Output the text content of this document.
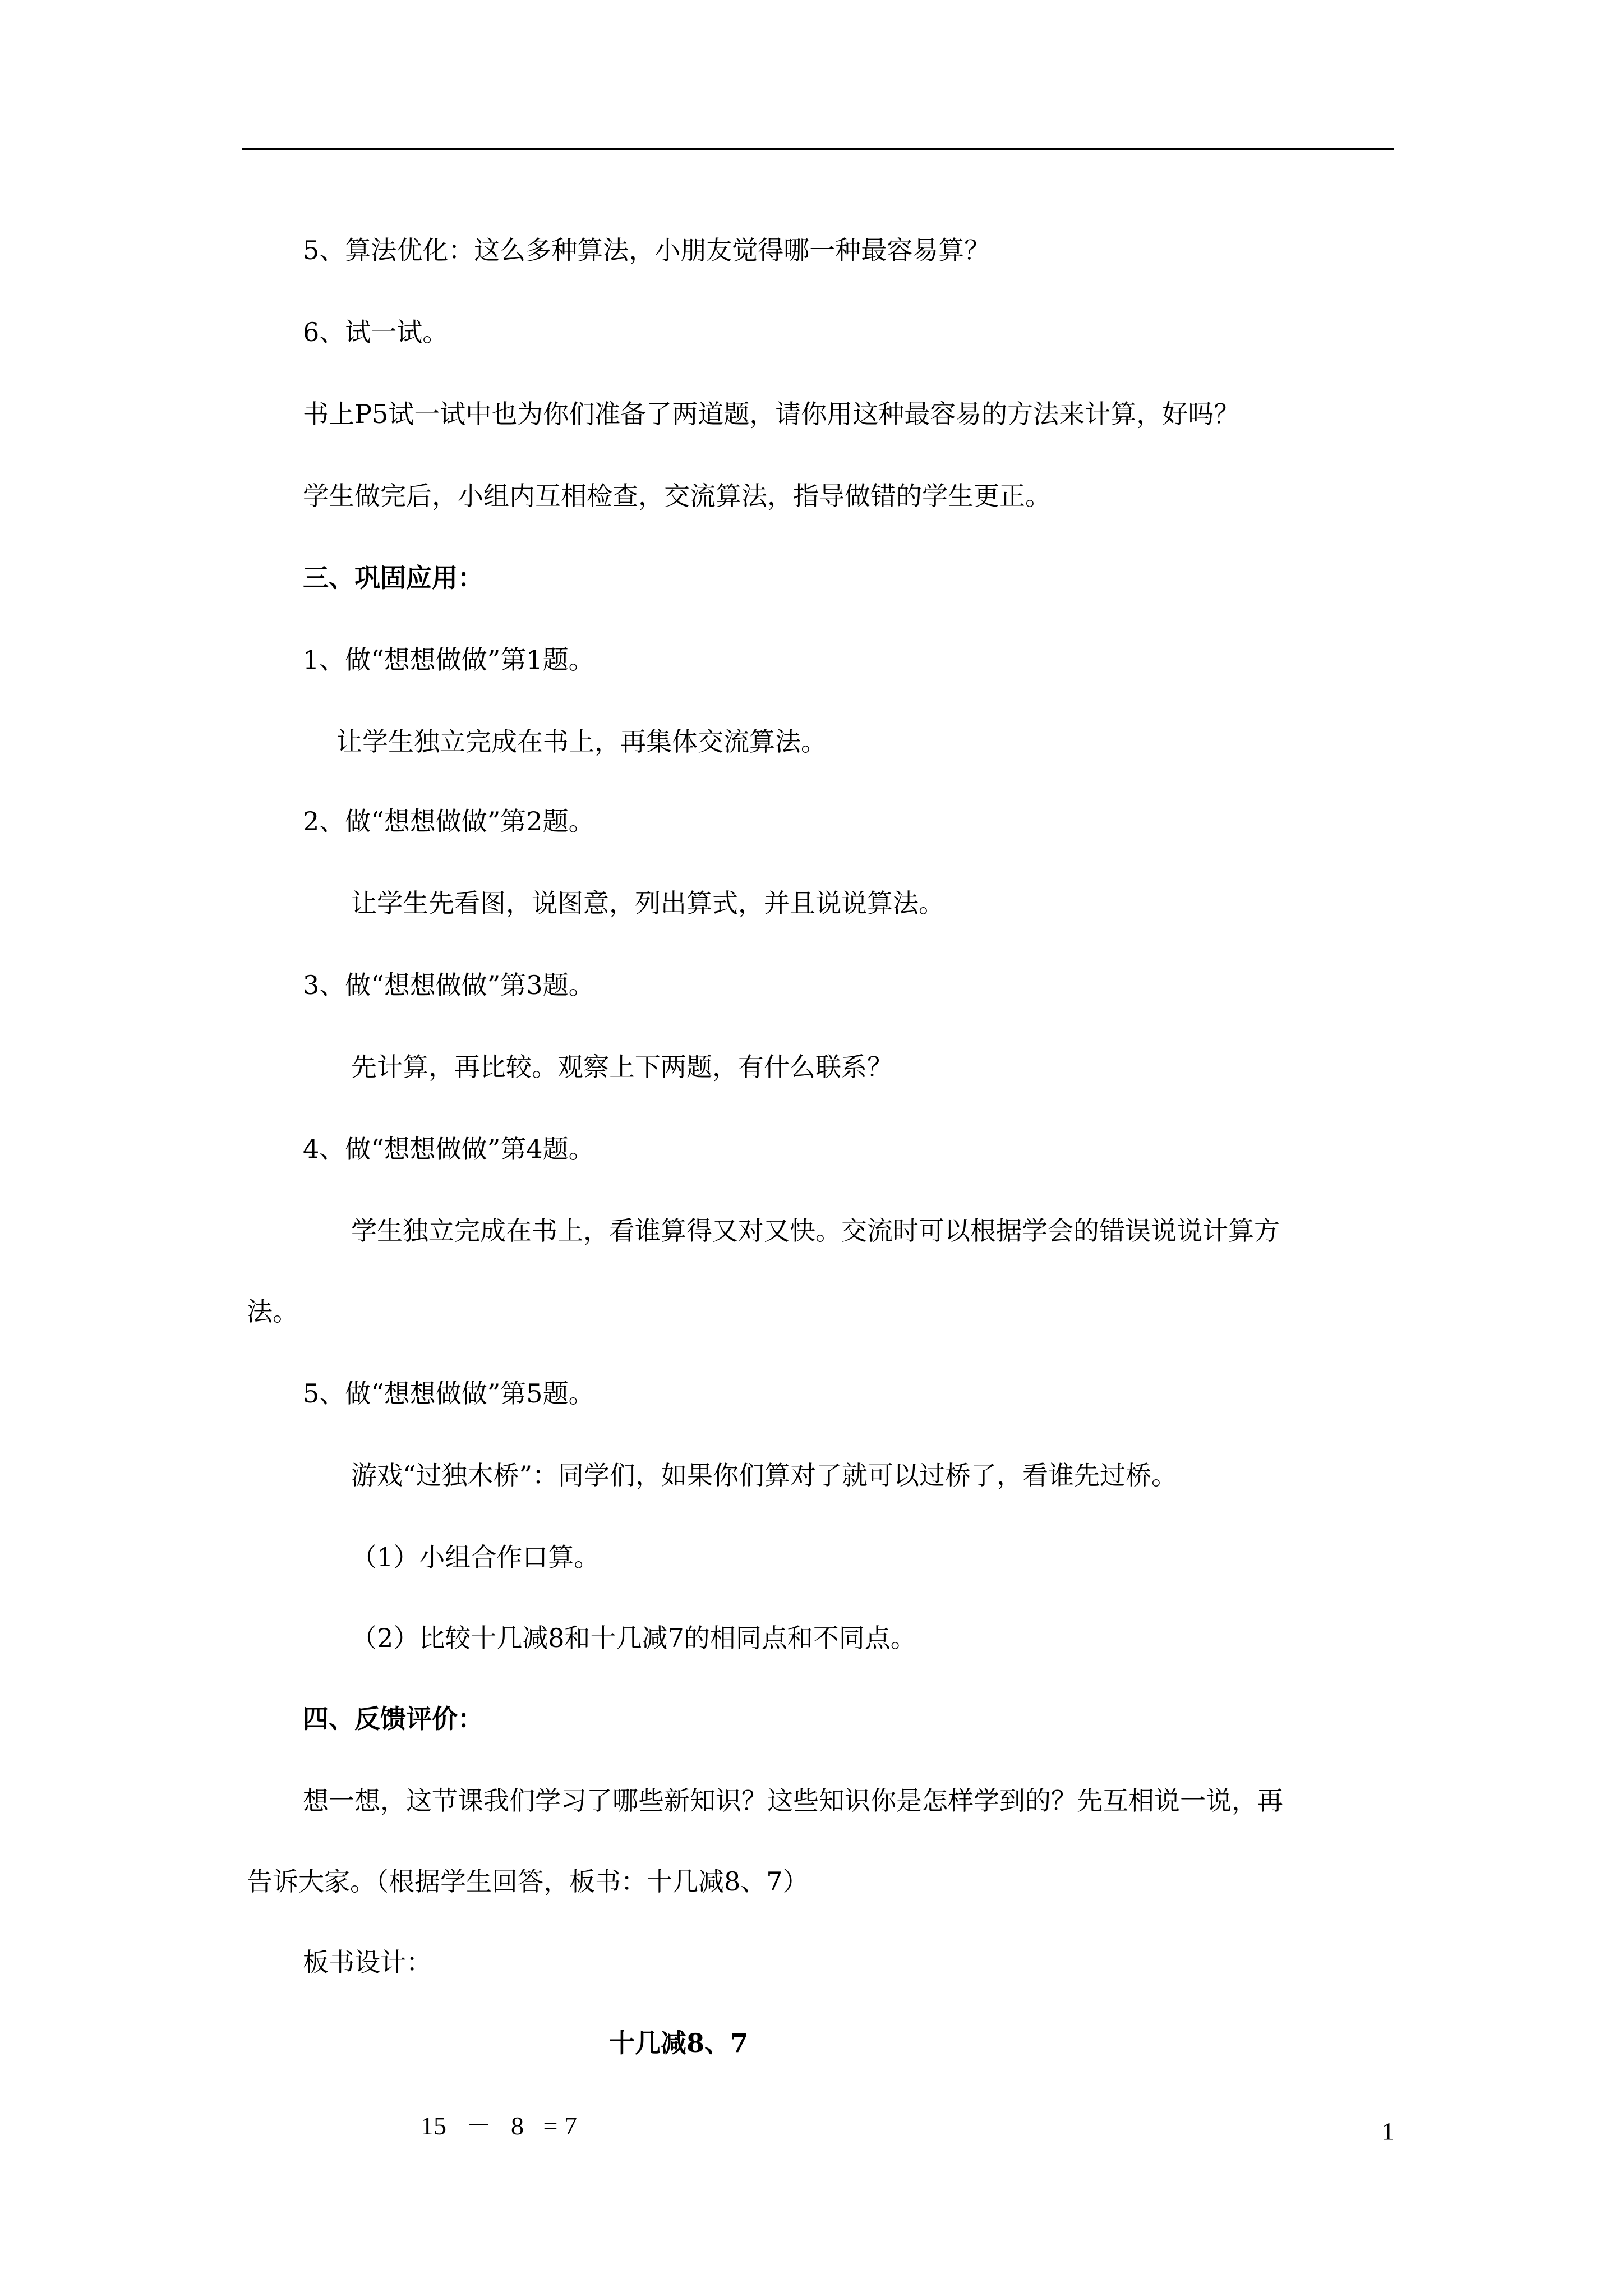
5、算法优化：这么多种算法，小朋友觉得哪一种最容易算？
6、试一试。
书上P5试一试中也为你们准备了两道题，请你用这种最容易的方法来计算，好吗？
学生做完后，小组内互相检查，交流算法，指导做错的学生更正。
三、巩固应用：
1、做“想想做做”第1题。
让学生独立完成在书上，再集体交流算法。
2、做“想想做做”第2题。
让学生先看图，说图意，列出算式，并且说说算法。
3、做“想想做做”第3题。
先计算，再比较。观察上下两题，有什么联系？
4、做“想想做做”第4题。
学生独立完成在书上，看谁算得又对又快。交流时可以根据学会的错误说说计算方
法。
5、做“想想做做”第5题。
游戏“过独木桥”：同学们，如果你们算对了就可以过桥了，看谁先过桥。
（1）小组合作口算。
（2）比较十几减8和十几减7的相同点和不同点。
四、反馈评价：
想一想，这节课我们学习了哪些新知识？这些知识你是怎样学到的？先互相说一说，再
告诉大家。（根据学生回答，板书：十几减8、7）
板书设计：
十几减8、7
15   －   8   = 7	1
